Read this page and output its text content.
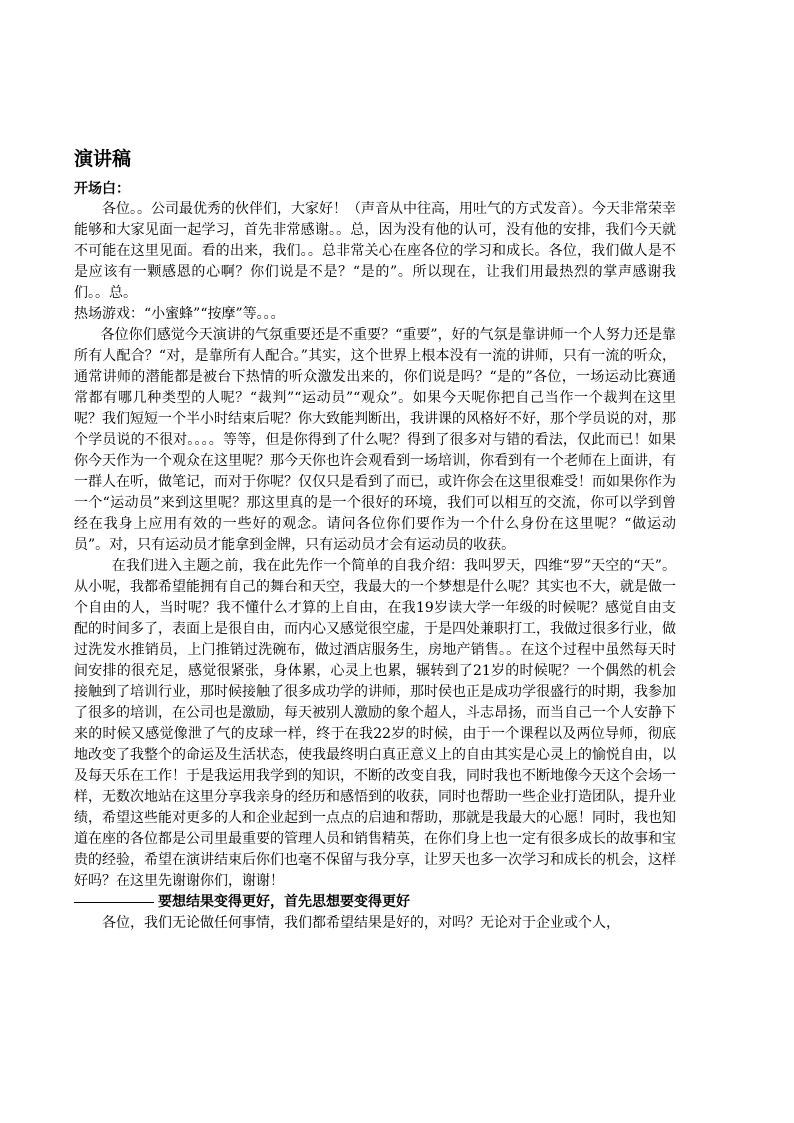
演讲稿
开场白：

各位。。公司最优秀的伙伴们，大家好！（声音从中往高，用吐气的方式发音）。今天非常荣幸能够和大家见面一起学习，首先非常感谢。。总，因为没有他的认可，没有他的安排，我们今天就不可能在这里见面。看的出来，我们。。总非常关心在座各位的学习和成长。各位，我们做人是不是应该有一颗感恩的心啊？你们说是不是？“是的”。所以现在，让我们用最热烈的掌声感谢我们。。总。

热场游戏：“小蜜蜂”“按摩”等。。。

各位你们感觉今天演讲的气氛重要还是不重要？“重要”，好的气氛是靠讲师一个人努力还是靠所有人配合？“对，是靠所有人配合。”其实，这个世界上根本没有一流的讲师，只有一流的听众，通常讲师的潜能都是被台下热情的听众激发出来的，你们说是吗？“是的”各位，一场运动比赛通常都有哪几种类型的人呢？“裁判”“运动员”“观众”。如果今天呢你把自己当作一个裁判在这里呢？我们短短一个半小时结束后呢？你大致能判断出，我讲课的风格好不好，那个学员说的对，那个学员说的不很对。。。。等等，但是你得到了什么呢？得到了很多对与错的看法，仅此而已！如果你今天作为一个观众在这里呢？那今天你也许会观看到一场培训，你看到有一个老师在上面讲，有一群人在听，做笔记，而对于你呢？仅仅只是看到了而已，或许你会在这里很难受！而如果你作为一个“运动员”来到这里呢？那这里真的是一个很好的环境，我们可以相互的交流，你可以学到曾经在我身上应用有效的一些好的观念。请问各位你们要作为一个什么身份在这里呢？“做运动员”。对，只有运动员才能拿到金牌，只有运动员才会有运动员的收获。

在我们进入主题之前，我在此先作一个简单的自我介绍：我叫罗天，四维“罗”天空的“天”。从小呢，我都希望能拥有自己的舞台和天空，我最大的一个梦想是什么呢？其实也不大，就是做一个自由的人，当时呢？我不懂什么才算的上自由，在我19岁读大学一年级的时候呢？感觉自由支配的时间多了，表面上是很自由，而内心又感觉很空虚，于是四处兼职打工，我做过很多行业，做过洗发水推销员，上门推销过洗碗布，做过酒店服务生，房地产销售。。在这个过程中虽然每天时间安排的很充足，感觉很紧张，身体累，心灵上也累，辗转到了21岁的时候呢？一个偶然的机会接触到了培训行业，那时候接触了很多成功学的讲师，那时侯也正是成功学很盛行的时期，我参加了很多的培训，在公司也是激励，每天被别人激励的象个超人，斗志昂扬，而当自己一个人安静下来的时候又感觉像泄了气的皮球一样，终于在我22岁的时候，由于一个课程以及两位导师，彻底地改变了我整个的命运及生活状态，使我最终明白真正意义上的自由其实是心灵上的愉悦自由，以及每天乐在工作！于是我运用我学到的知识，不断的改变自我，同时我也不断地像今天这个会场一样，无数次地站在这里分享我亲身的经历和感悟到的收获，同时也帮助一些企业打造团队，提升业绩，希望这些能对更多的人和企业起到一点点的启迪和帮助，那就是我最大的心愿！同时，我也知道在座的各位都是公司里最重要的管理人员和销售精英，在你们身上也一定有很多成长的故事和宝贵的经验，希望在演讲结束后你们也毫不保留与我分享，让罗天也多一次学习和成长的机会，这样好吗？在这里先谢谢你们，谢谢！

要想结果变得更好，首先思想要变得更好

各位，我们无论做任何事情，我们都希望结果是好的，对吗？无论对于企业或个人，
